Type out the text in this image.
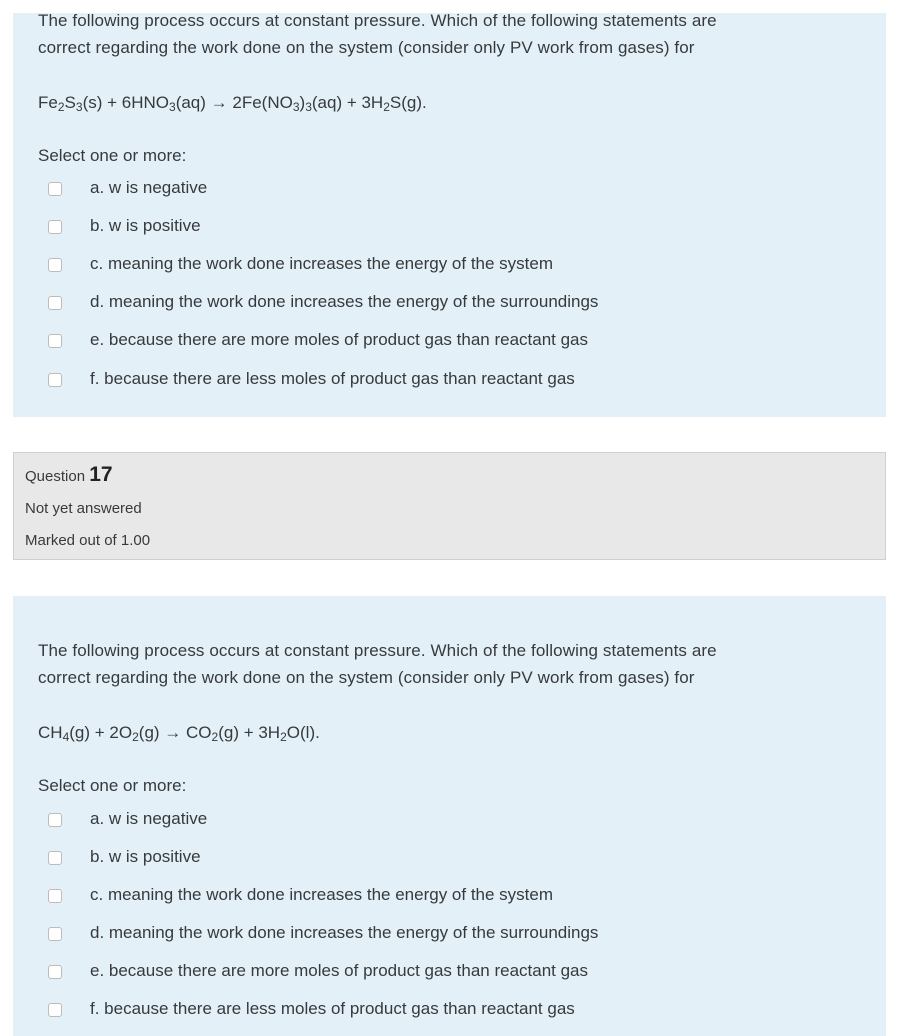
The following process occurs at constant pressure. Which of the following statements are
correct regarding the work done on the system (consider only PV work from gases) for
$Fe_2S_3(s) + 6HNO_3(aq) \to 2Fe(NO_3)_3(aq) + 3H_2S(g)$.
Select one or more:
a. w is negative
b. w is positive
c. meaning the work done increases the energy of the system
d. meaning the work done increases the energy of the surroundings
e. because there are more moles of product gas than reactant gas
f. because there are less moles of product gas than reactant gas
Question 17
Not yet answered
Marked out of 1.00
The following process occurs at constant pressure. Which of the following statements are
correct regarding the work done on the system (consider only PV work from gases) for
$CH_4(g) + 2O_2(g) \to CO_2(g) + 3H_2O(l)$.
Select one or more:
a. w is negative
b. w is positive
c. meaning the work done increases the energy of the system
d. meaning the work done increases the energy of the surroundings
e. because there are more moles of product gas than reactant gas
f. because there are less moles of product gas than reactant gas
